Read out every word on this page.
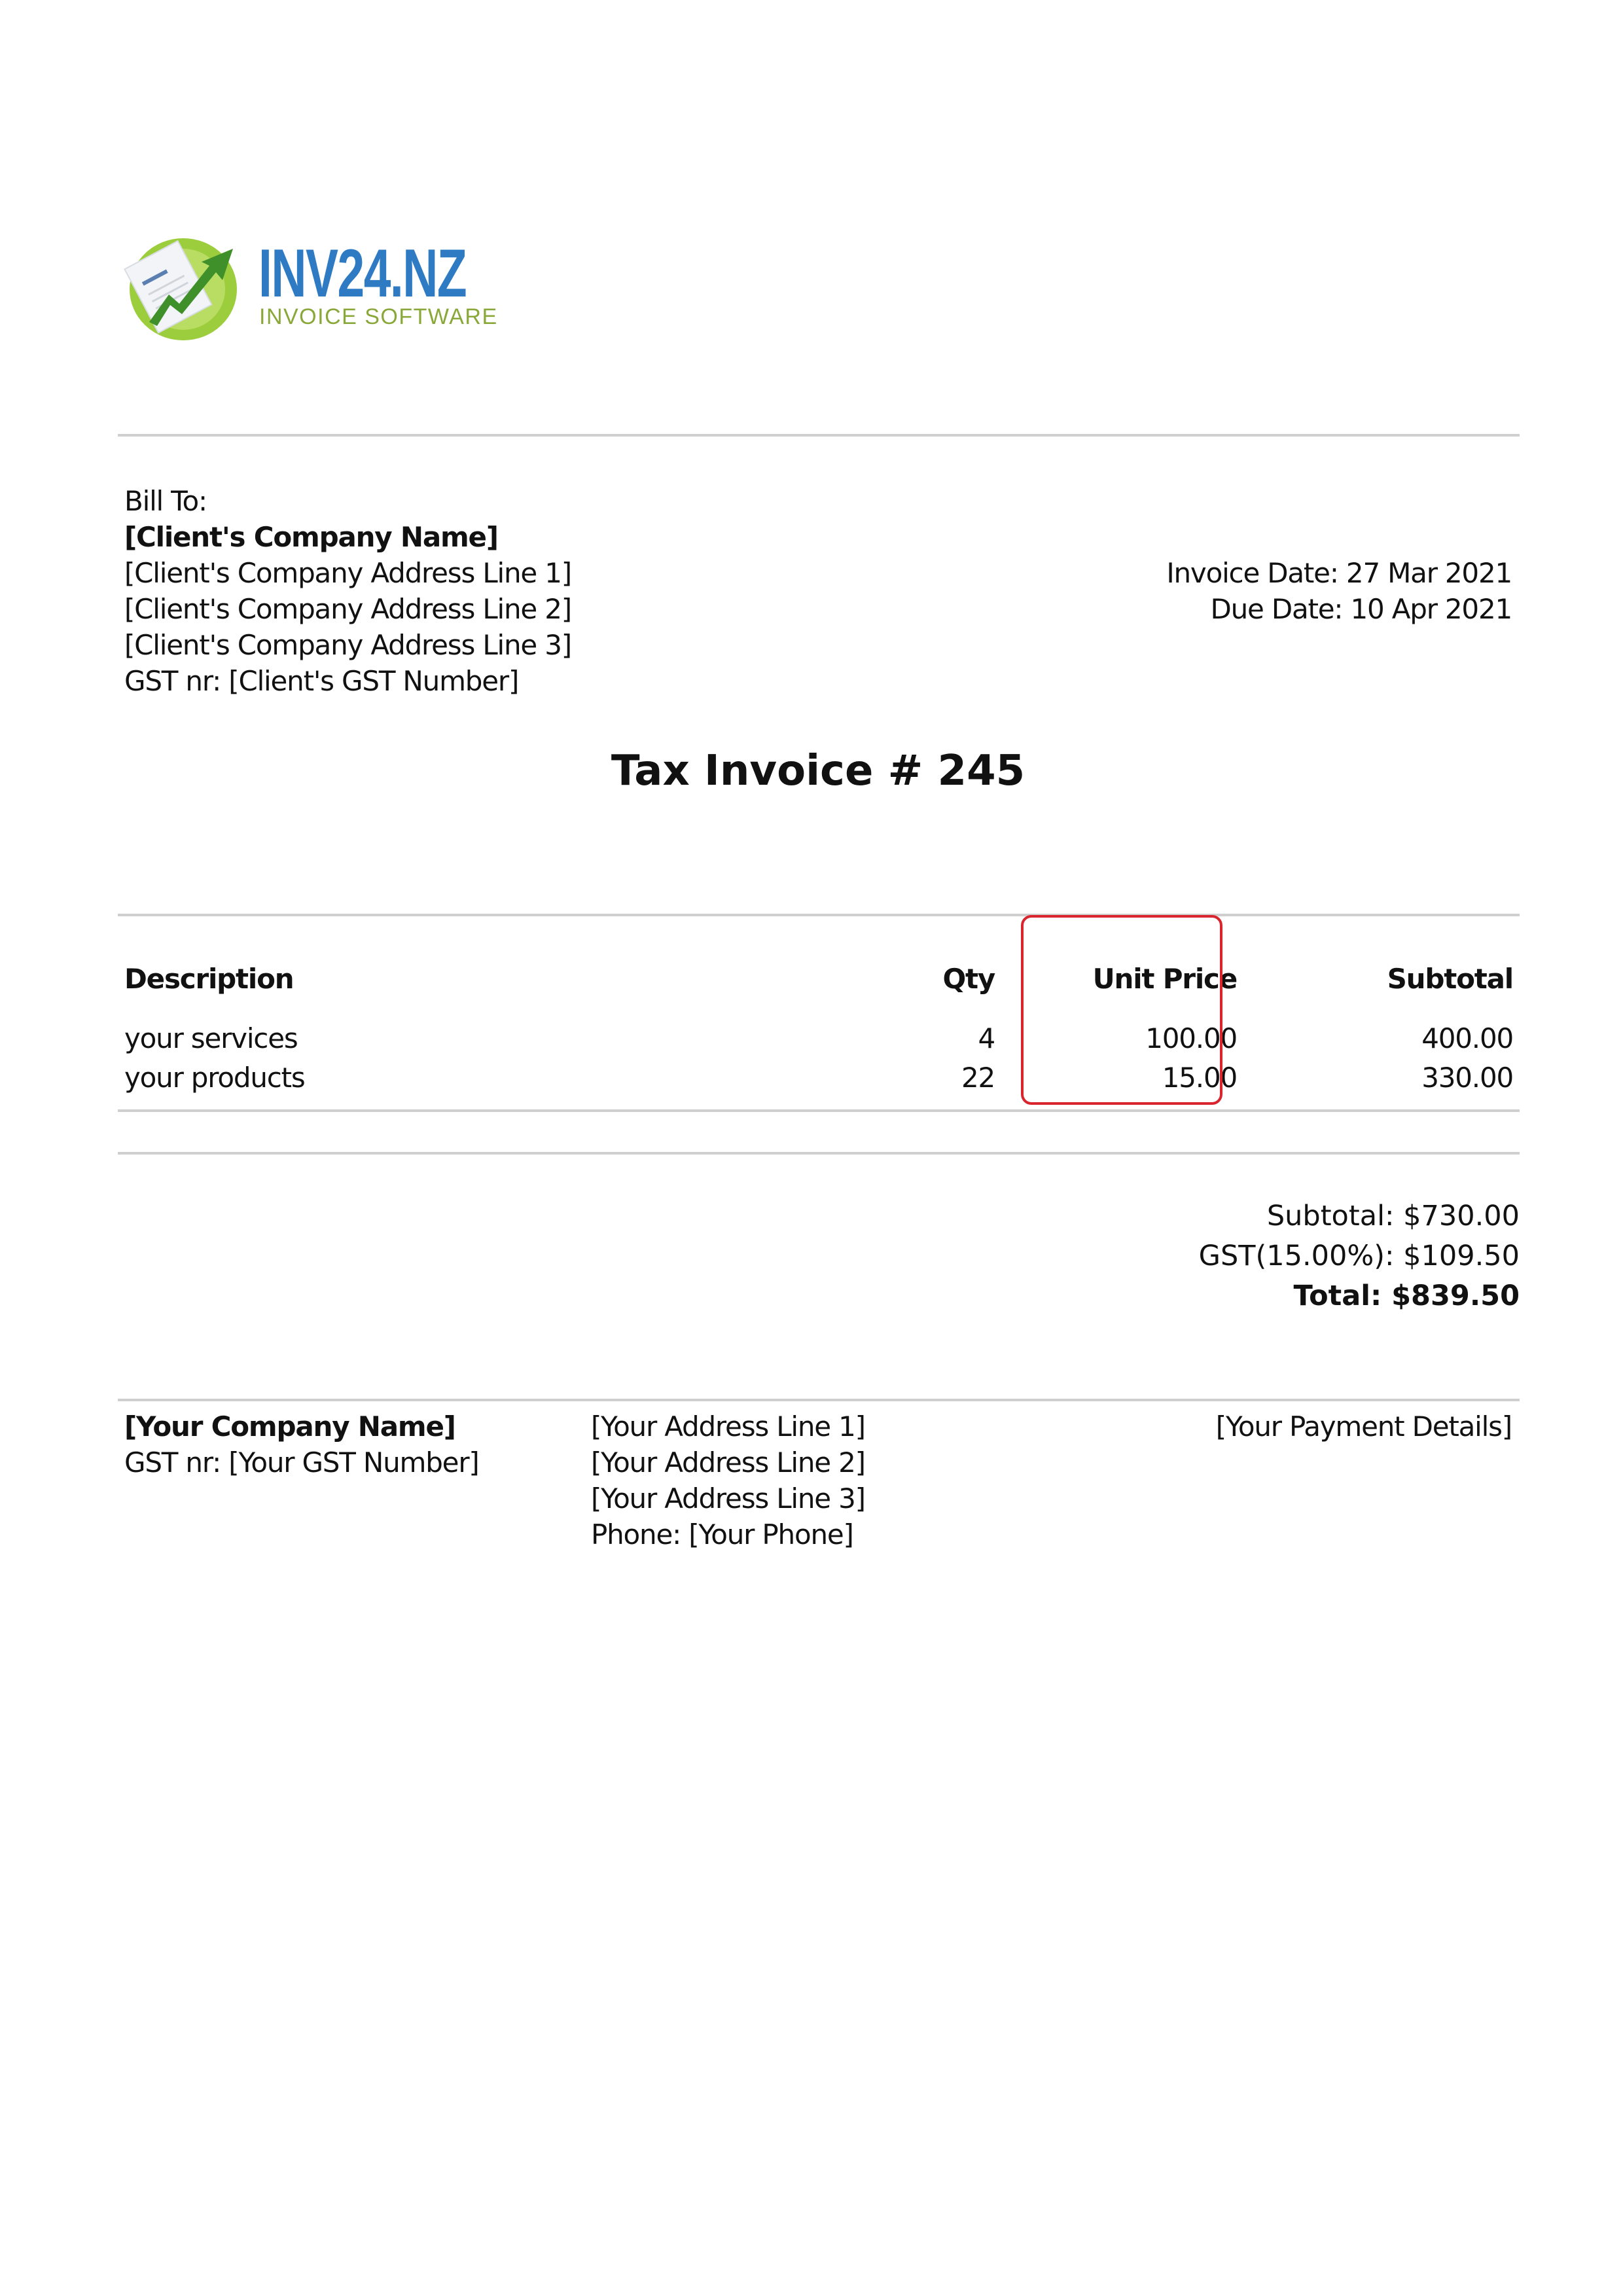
INV24.NZ
INVOICE SOFTWARE
Bill To:
[Client's Company Name]
[Client's Company Address Line 1]
[Client's Company Address Line 2]
[Client's Company Address Line 3]
GST nr: [Client's GST Number]
Invoice Date: 27 Mar 2021
Due Date: 10 Apr 2021
Tax Invoice # 245
Description	Qty	Unit Price	Subtotal
your services	4	100.00	400.00
your products	22	15.00	330.00
Subtotal: $730.00
GST(15.00%): $109.50
Total: $839.50
[Your Company Name]
GST nr: [Your GST Number]
[Your Address Line 1]
[Your Address Line 2]
[Your Address Line 3]
Phone: [Your Phone]
[Your Payment Details]
